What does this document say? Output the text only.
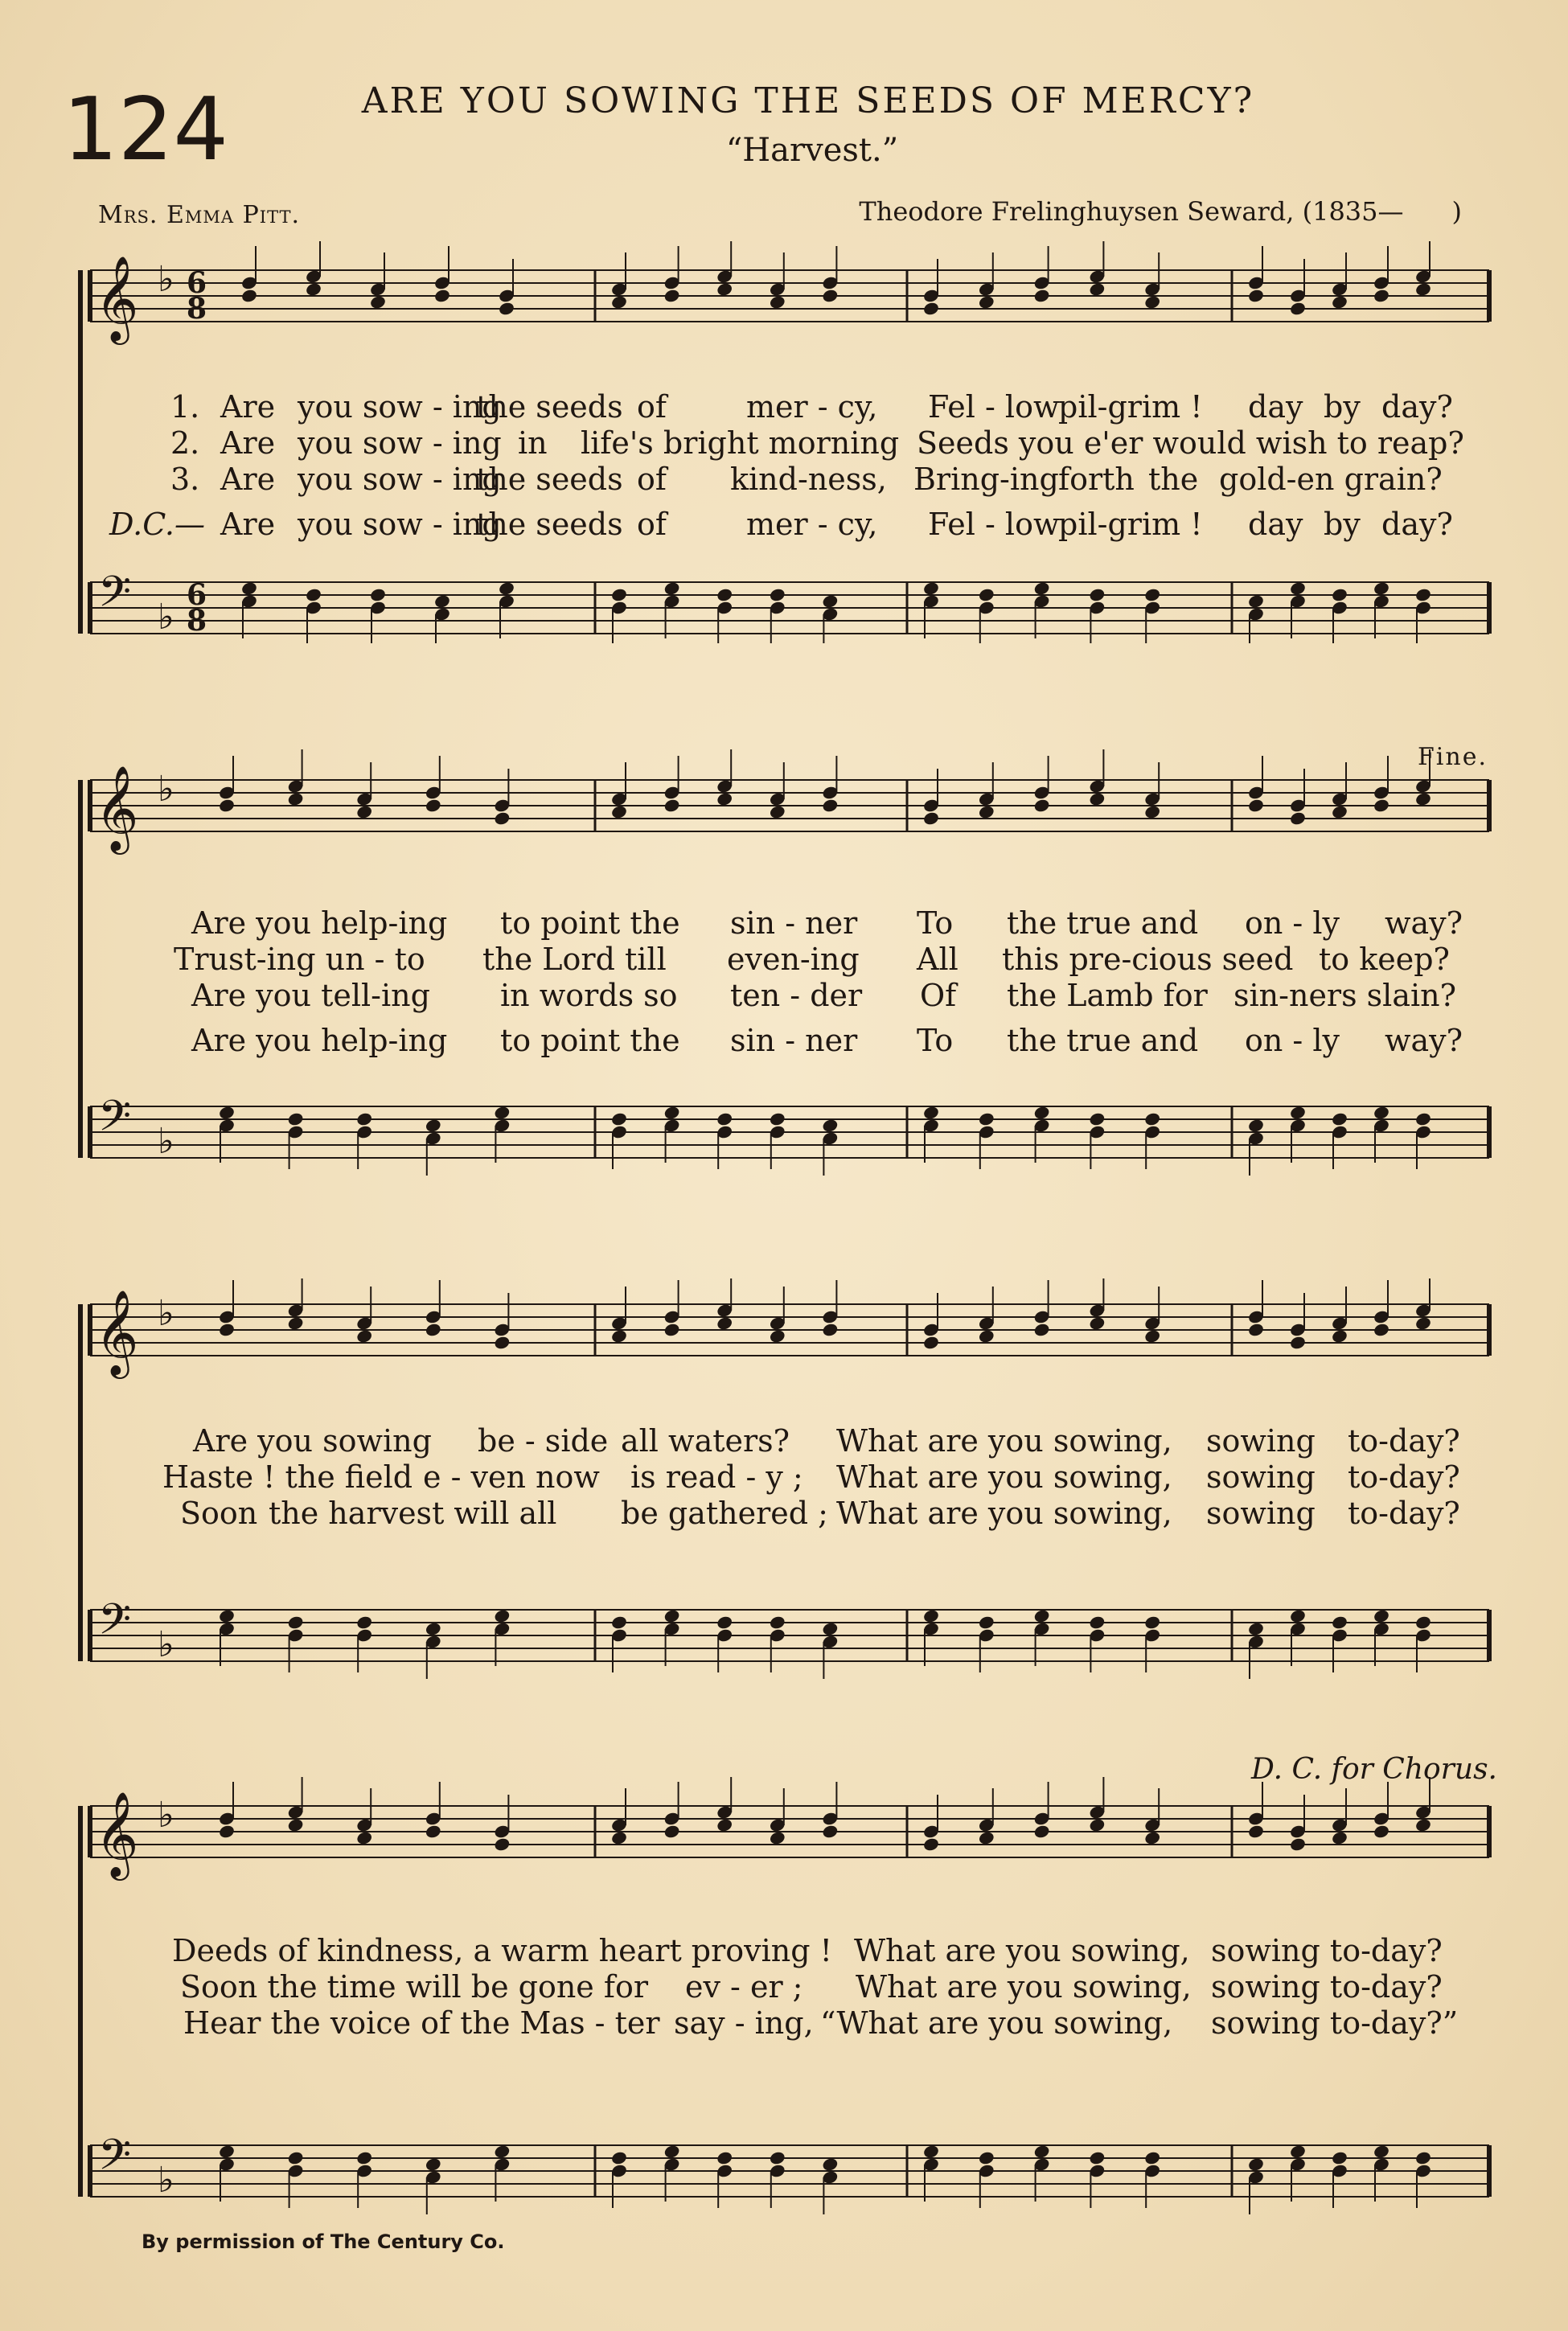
124	ARE YOU SOWING THE SEEDS OF MERCY?
“Harvest.”
Mrs. Emma Pitt.	Theodore Frelinghuysen Seward, (1835— )
Fine.
D. C. for Chorus.
By permission of The Century Co.
𝄞 ♭
𝄢 ♭
6
8
6
8
𝄞 ♭
𝄢 ♭
𝄞 ♭
𝄢 ♭
𝄞 ♭
𝄢 ♭
1. Are you sow - ing
the seeds of	mer - cy, Fel - low
pil-grim ! day by day?
2. Are you sow - ing in life's bright morning Seeds you e'er would wish to reap?
3. Are you sow - ing
the seeds of kind-ness, Bring-ing forth the gold-en grain?
D.C.— Are you sow - ing
the seeds of	mer - cy, Fel - low
pil-grim ! day by day?
Are you help-ing to point the sin - ner To the true and on - ly way?
Trust-ing un - to the Lord till even-ing All this pre-cious seed to keep?
Are you tell-ing in words so ten - der Of the Lamb for sin-ners slain?
Are you help-ing to point the sin - ner To the true and on - ly way?
Are you sowing be - side all waters? What are you sowing, sowing to-day?
Haste ! the field e - ven now is read - y ; What are you sowing, sowing to-day?
Soon the harvest will all be gathered ; What are you sowing, sowing to-day?
Deeds of kindness, a warm heart proving ! What are you sowing, sowing to-day?
Soon the time will be gone for ev - er ; What are you sowing, sowing to-day?
Hear the voice of the Mas - ter say - ing, “What are you sowing, sowing to-day?”
